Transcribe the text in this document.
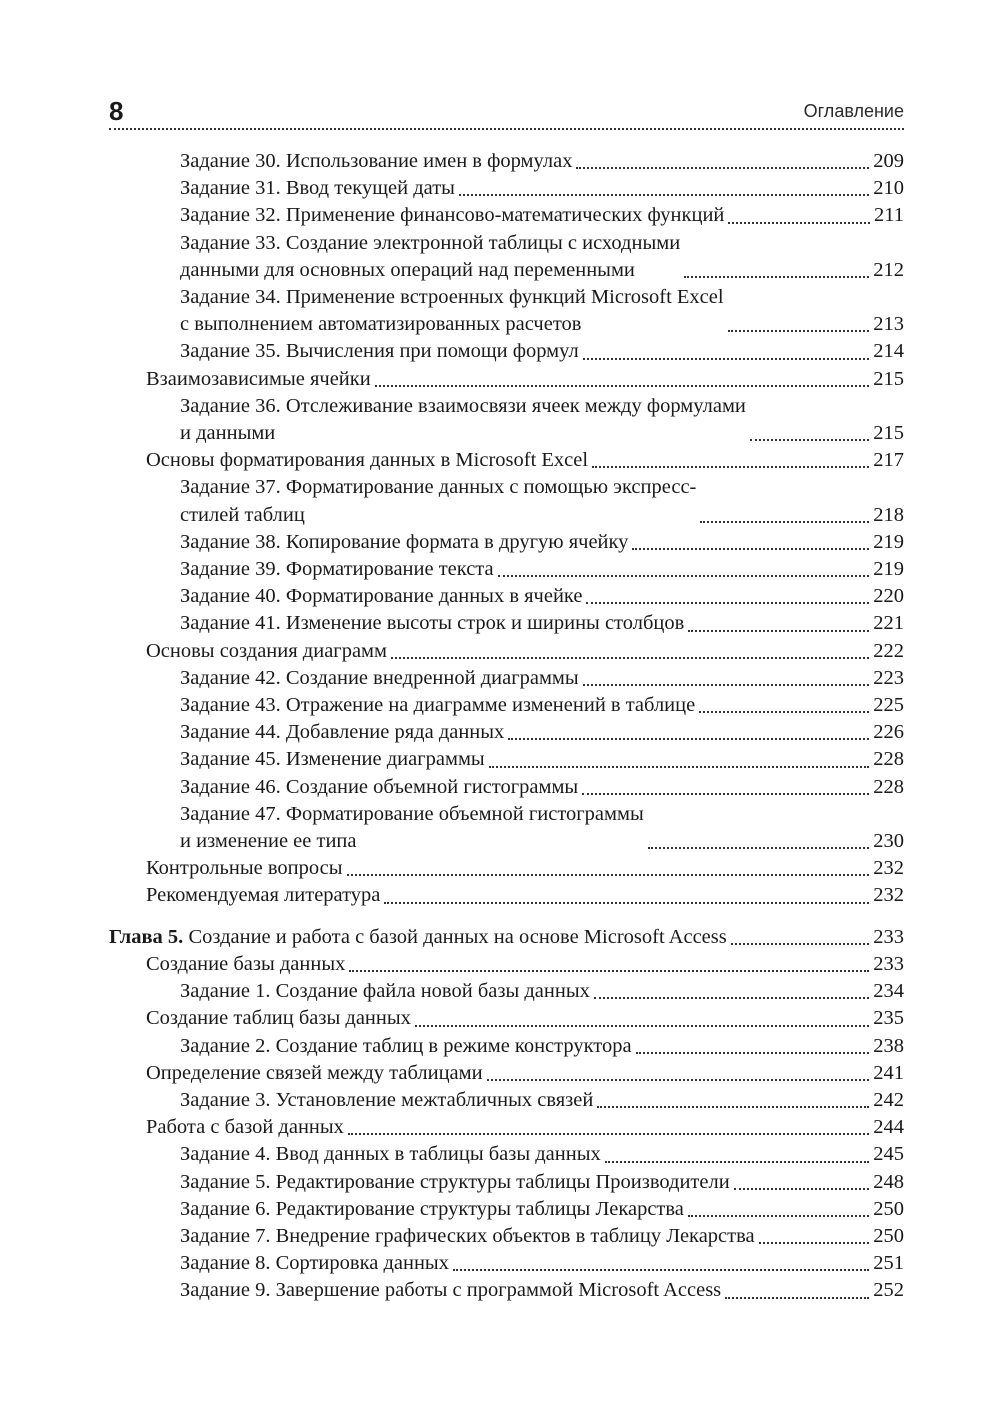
8	Оглавление
Задание 30. Использование имен в формулах	209
Задание 31. Ввод текущей даты	210
Задание 32. Применение финансово-математических функций	211
Задание 33. Создание электронной таблицы с исходными
данными для основных операций над переменными	212
Задание 34. Применение встроенных функций Microsoft Excel
с выполнением автоматизированных расчетов	213
Задание 35. Вычисления при помощи формул	214
Взаимозависимые ячейки	215
Задание 36. Отслеживание взаимосвязи ячеек между формулами
и данными	215
Основы форматирования данных в Microsoft Excel	217
Задание 37. Форматирование данных с помощью экспресс-
стилей таблиц	218
Задание 38. Копирование формата в другую ячейку	219
Задание 39. Форматирование текста	219
Задание 40. Форматирование данных в ячейке	220
Задание 41. Изменение высоты строк и ширины столбцов	221
Основы создания диаграмм	222
Задание 42. Создание внедренной диаграммы	223
Задание 43. Отражение на диаграмме изменений в таблице	225
Задание 44. Добавление ряда данных	226
Задание 45. Изменение диаграммы	228
Задание 46. Создание объемной гистограммы	228
Задание 47. Форматирование объемной гистограммы
и изменение ее типа	230
Контрольные вопросы	232
Рекомендуемая литература	232
Глава 5. Создание и работа с базой данных на основе Microsoft Access	233
Создание базы данных	233
Задание 1. Создание файла новой базы данных	234
Создание таблиц базы данных	235
Задание 2. Создание таблиц в режиме конструктора	238
Определение связей между таблицами	241
Задание 3. Установление межтабличных связей	242
Работа с базой данных	244
Задание 4. Ввод данных в таблицы базы данных	245
Задание 5. Редактирование структуры таблицы Производители	248
Задание 6. Редактирование структуры таблицы Лекарства	250
Задание 7. Внедрение графических объектов в таблицу Лекарства	250
Задание 8. Сортировка данных	251
Задание 9. Завершение работы с программой Microsoft Access	252
